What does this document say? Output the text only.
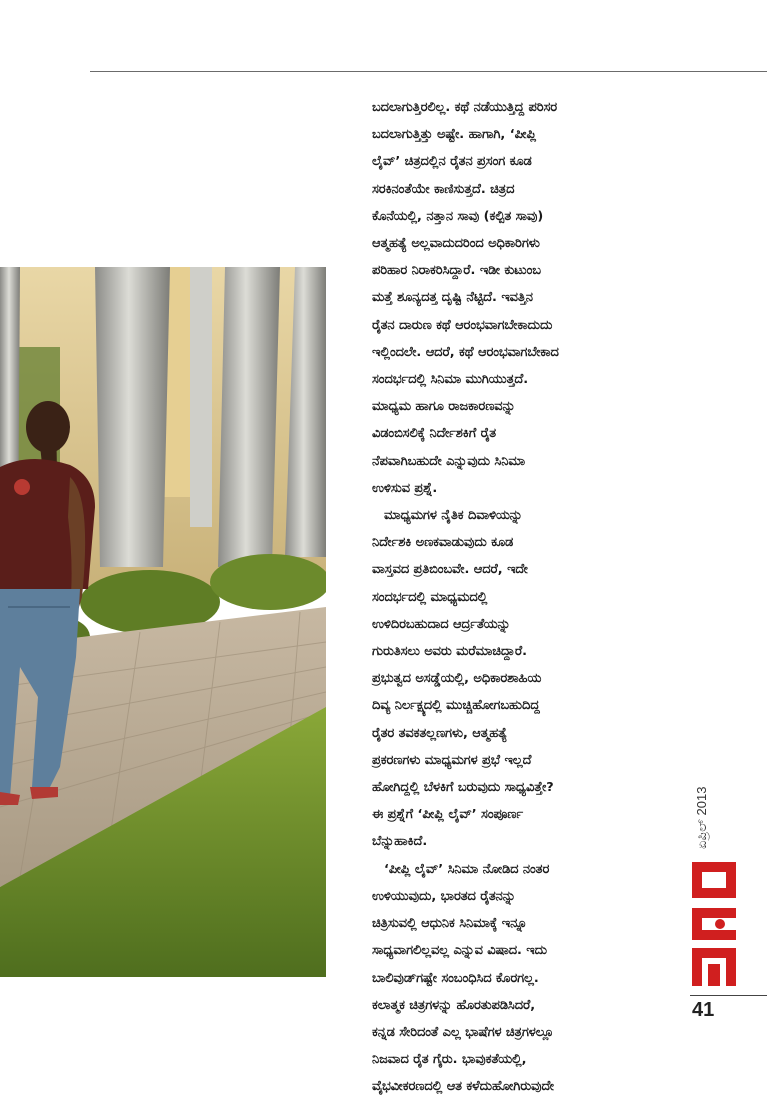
ಬದಲಾಗುತ್ತಿರಲಿಲ್ಲ. ಕಥೆ ನಡೆಯುತ್ತಿದ್ದ ಪರಿಸರ

ಬದಲಾಗುತ್ತಿತ್ತು ಅಷ್ಟೇ. ಹಾಗಾಗಿ, ‘ಪೀಪ್ಲಿ

ಲೈವ್’ ಚಿತ್ರದಲ್ಲಿನ ರೈತನ ಪ್ರಸಂಗ ಕೂಡ

ಸರಕಿನಂತೆಯೇ ಕಾಣಿಸುತ್ತದೆ. ಚಿತ್ರದ

ಕೊನೆಯಲ್ಲಿ, ನತ್ತಾನ ಸಾವು (ಕಲ್ಪಿತ ಸಾವು)

ಆತ್ಮಹತ್ಯೆ ಅಲ್ಲವಾದುದರಿಂದ ಅಧಿಕಾರಿಗಳು

ಪರಿಹಾರ ನಿರಾಕರಿಸಿದ್ದಾರೆ. ಇಡೀ ಕುಟುಂಬ

ಮತ್ತೆ ಶೂನ್ಯದತ್ತ ದೃಷ್ಟಿ ನೆಟ್ಟಿದೆ. ಇವತ್ತಿನ

ರೈತನ ದಾರುಣ ಕಥೆ ಆರಂಭವಾಗಬೇಕಾದುದು

ಇಲ್ಲಿಂದಲೇ. ಆದರೆ, ಕಥೆ ಆರಂಭವಾಗಬೇಕಾದ

ಸಂದರ್ಭದಲ್ಲಿ ಸಿನಿಮಾ ಮುಗಿಯುತ್ತದೆ.

ಮಾಧ್ಯಮ ಹಾಗೂ ರಾಜಕಾರಣವನ್ನು

ವಿಡಂಬಿಸಲಿಕ್ಕೆ ನಿರ್ದೇಶಕಿಗೆ ರೈತ

ನೆಪವಾಗಿಬಹುದೇ ಎನ್ನುವುದು ಸಿನಿಮಾ

ಉಳಿಸುವ ಪ್ರಶ್ನೆ.

ಮಾಧ್ಯಮಗಳ ನೈತಿಕ ದಿವಾಳಿಯನ್ನು

ನಿರ್ದೇಶಕಿ ಅಣಕವಾಡುವುದು ಕೂಡ

ವಾಸ್ತವದ ಪ್ರತಿಬಿಂಬವೇ. ಆದರೆ, ಇದೇ

ಸಂದರ್ಭದಲ್ಲಿ ಮಾಧ್ಯಮದಲ್ಲಿ

ಉಳಿದಿರಬಹುದಾದ ಆರ್ದ್ರತೆಯನ್ನು

ಗುರುತಿಸಲು ಅವರು ಮರೆಮಾಚಿದ್ದಾರೆ.

ಪ್ರಭುತ್ವದ ಅಸಡ್ಡೆಯಲ್ಲಿ, ಅಧಿಕಾರಶಾಹಿಯ

ದಿವ್ಯ ನಿರ್ಲಕ್ಷ್ಯದಲ್ಲಿ ಮುಚ್ಚಿಹೋಗಬಹುದಿದ್ದ

ರೈತರ ತವಕತಲ್ಲಣಗಳು, ಆತ್ಮಹತ್ಯೆ

ಪ್ರಕರಣಗಳು ಮಾಧ್ಯಮಗಳ ಪ್ರಭೆ ಇಲ್ಲದೆ

ಹೋಗಿದ್ದಲ್ಲಿ ಬೆಳಕಿಗೆ ಬರುವುದು ಸಾಧ್ಯವಿತ್ತೇ?

ಈ ಪ್ರಶ್ನೆಗೆ ‘ಪೀಪ್ಲಿ ಲೈವ್’ ಸಂಪೂರ್ಣ

ಬೆನ್ನುಹಾಕಿದೆ.

‘ಪೀಪ್ಲಿ ಲೈವ್’ ಸಿನಿಮಾ ನೋಡಿದ ನಂತರ

ಉಳಿಯುವುದು, ಭಾರತದ ರೈತನನ್ನು

ಚಿತ್ರಿಸುವಲ್ಲಿ ಆಧುನಿಕ ಸಿನಿಮಾಕ್ಕೆ ಇನ್ನೂ

ಸಾಧ್ಯವಾಗಲಿಲ್ಲವಲ್ಲ ಎನ್ನುವ ವಿಷಾದ. ಇದು

ಬಾಲಿವುಡ್‌ಗಷ್ಟೇ ಸಂಬಂಧಿಸಿದ ಕೊರಗಲ್ಲ.

ಕಲಾತ್ಮಕ ಚಿತ್ರಗಳನ್ನು ಹೊರತುಪಡಿಸಿದರೆ,

ಕನ್ನಡ ಸೇರಿದಂತೆ ಎಲ್ಲ ಭಾಷೆಗಳ ಚಿತ್ರಗಳಲ್ಲೂ

ನಿಜವಾದ ರೈತ ಗೈರು. ಭಾವುಕತೆಯಲ್ಲಿ,

ವೈಭವೀಕರಣದಲ್ಲಿ ಆತ ಕಳೆದುಹೋಗಿರುವುದೇ

ಏಪ್ರಿಲ್ 2013
41
